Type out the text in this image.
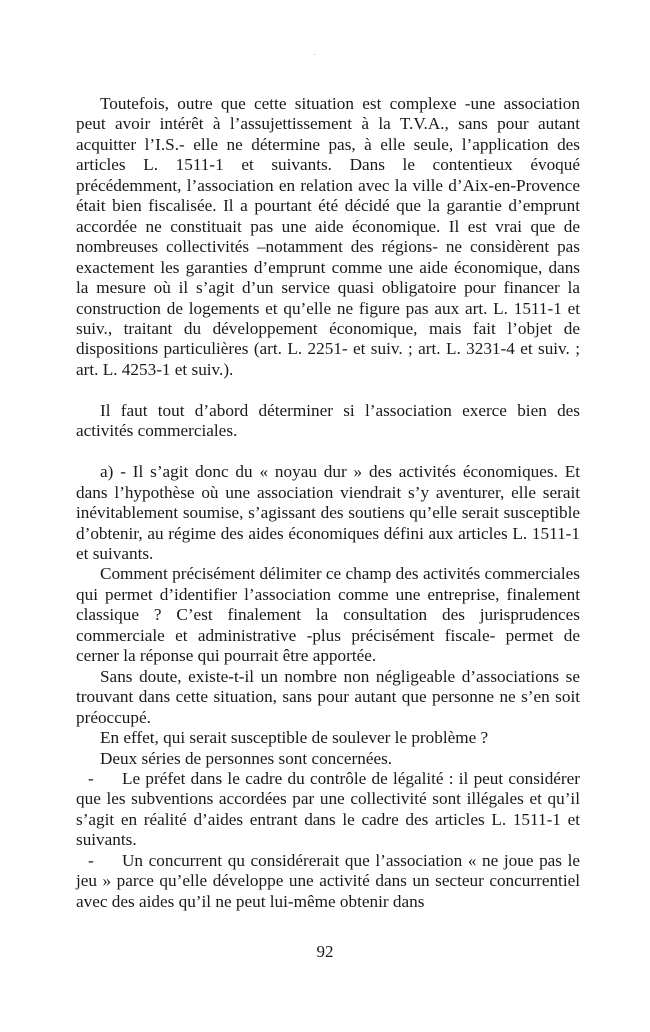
Toutefois, outre que cette situation est complexe -une association peut avoir intérêt à l’assujettissement à la T.V.A., sans pour autant acquitter l’I.S.- elle ne détermine pas, à elle seule, l’application des articles L. 1511-1 et suivants. Dans le contentieux évoqué précédemment, l’association en relation avec la ville d’Aix-en-Provence était bien fiscalisée. Il a pourtant été décidé que la garantie d’emprunt accordée ne constituait pas une aide économique. Il est vrai que de nombreuses collectivités –notamment des régions- ne considèrent pas exactement les garanties d’emprunt comme une aide économique, dans la mesure où il s’agit d’un service quasi obligatoire pour financer la construction de logements et qu’elle ne figure pas aux art. L. 1511-1 et suiv., traitant du développement économique, mais fait l’objet de dispositions particulières (art. L. 2251- et suiv. ; art. L. 3231-4 et suiv. ; art. L. 4253-1 et suiv.).

Il faut tout d’abord déterminer si l’association exerce bien des activités commerciales.

a) - Il s’agit donc du « noyau dur » des activités économiques. Et dans l’hypothèse où une association viendrait s’y aventurer, elle serait inévitablement soumise, s’agissant des soutiens qu’elle serait susceptible d’obtenir, au régime des aides économiques défini aux articles L. 1511-1 et suivants.

Comment précisément délimiter ce champ des activités commerciales qui permet d’identifier l’association comme une entreprise, finalement classique ? C’est finalement la consultation des jurisprudences commerciale et administrative -plus précisément fiscale- permet de cerner la réponse qui pourrait être apportée.

Sans doute, existe-t-il un nombre non négligeable d’associations se trouvant dans cette situation, sans pour autant que personne ne s’en soit préoccupé.

En effet, qui serait susceptible de soulever le problème ?

Deux séries de personnes sont concernées.

- Le préfet dans le cadre du contrôle de légalité : il peut considérer que les subventions accordées par une collectivité sont illégales et qu’il s’agit en réalité d’aides entrant dans le cadre des articles L. 1511-1 et suivants.

- Un concurrent qu considérerait que l’association « ne joue pas le jeu » parce qu’elle développe une activité dans un secteur concurrentiel avec des aides qu’il ne peut lui-même obtenir dans

92
